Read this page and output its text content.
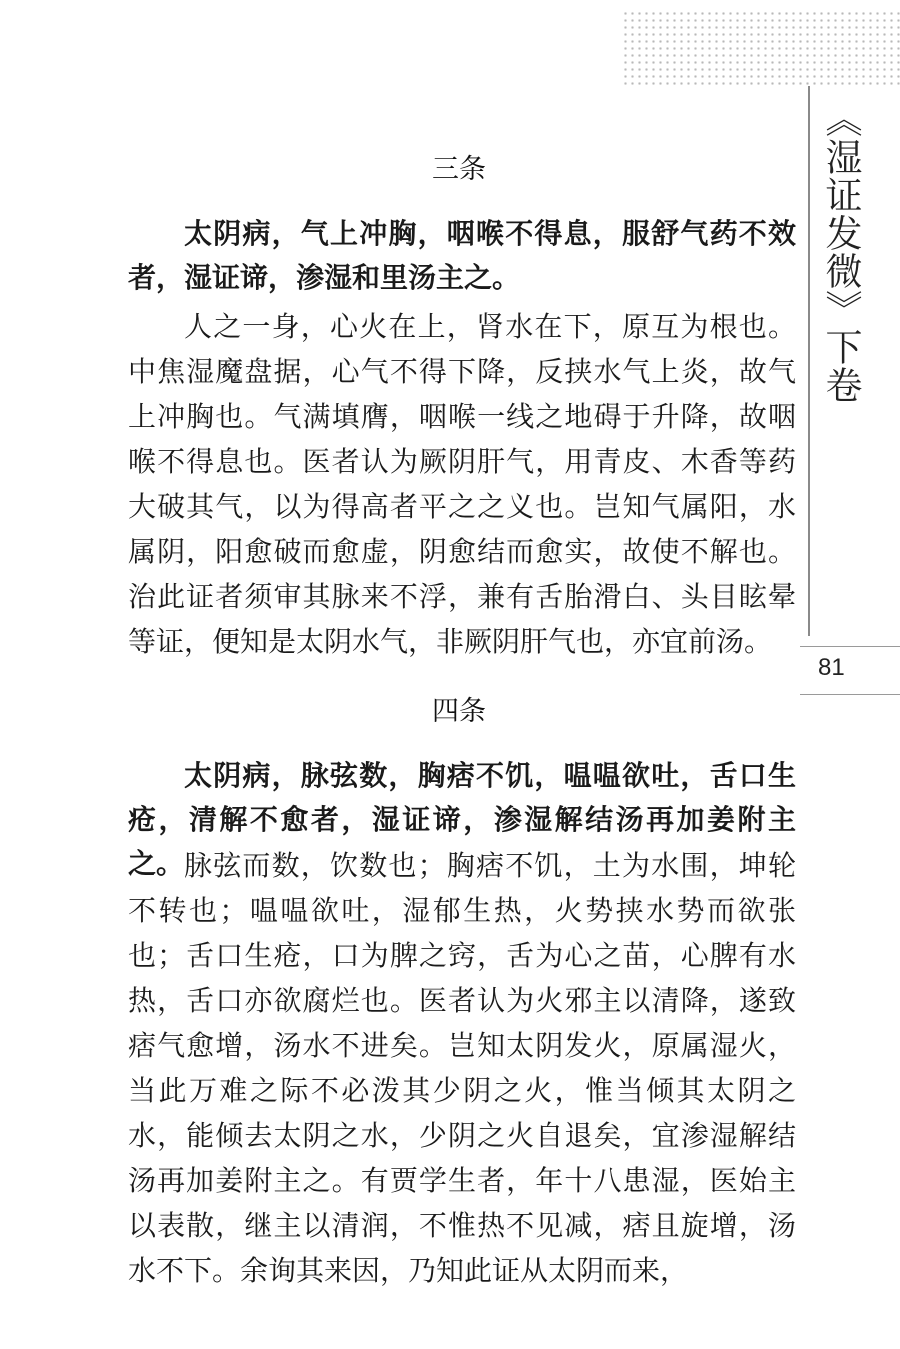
《湿证发微》下卷
81
三条

太阴病，气上冲胸，咽喉不得息，服舒气药不效者，湿证谛，渗湿和里汤主之。

人之一身，心火在上，肾水在下，原互为根也。中焦湿魔盘据，心气不得下降，反挟水气上炎，故气上冲胸也。气满填膺，咽喉一线之地碍于升降，故咽喉不得息也。医者认为厥阴肝气，用青皮、木香等药大破其气，以为得高者平之之义也。岂知气属阳，水属阴，阳愈破而愈虚，阴愈结而愈实，故使不解也。治此证者须审其脉来不浮，兼有舌胎滑白、头目眩晕等证，便知是太阴水气，非厥阴肝气也，亦宜前汤。

四条

太阴病，脉弦数，胸痞不饥，嗢嗢欲吐，舌口生疮，清解不愈者，湿证谛，渗湿解结汤再加姜附主之。 脉弦而数，饮数也；胸痞不饥，土为水围，坤轮不转也；嗢嗢欲吐，湿郁生热，火势挟水势而欲张也；舌口生疮，口为脾之窍，舌为心之苗，心脾有水热，舌口亦欲腐烂也。医者认为火邪主以清降，遂致痞气愈增，汤水不进矣。岂知太阴发火，原属湿火，当此万难之际不必泼其少阴之火，惟当倾其太阴之水，能倾去太阴之水，少阴之火自退矣，宜渗湿解结汤再加姜附主之。有贾学生者，年十八患湿，医始主以表散，继主以清润，不惟热不见减，痞且旋增，汤水不下。余询其来因，乃知此证从太阴而来，
